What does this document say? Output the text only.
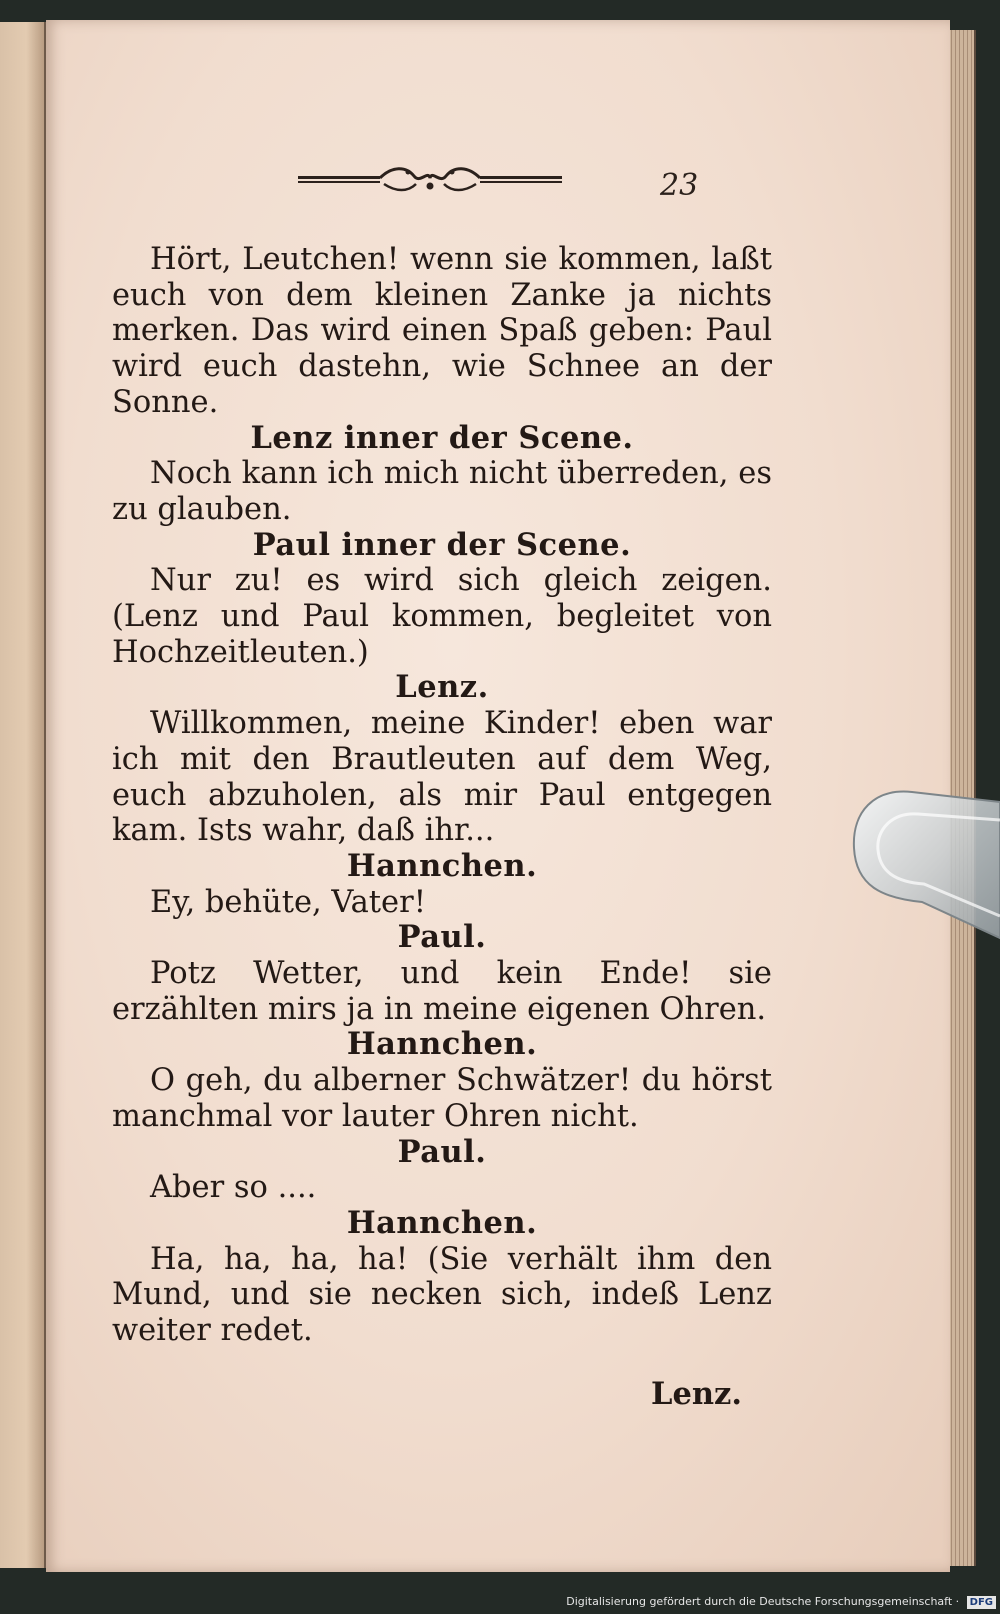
23

Hört, Leutchen! wenn sie kommen, laßt euch von dem kleinen Zanke ja nichts merken. Das wird einen Spaß geben: Paul wird euch dastehn, wie Schnee an der Sonne.

Lenz inner der Scene.

Noch kann ich mich nicht überreden, es zu glauben.

Paul inner der Scene.

Nur zu! es wird sich gleich zeigen. (Lenz und Paul kommen, begleitet von Hochzeitleuten.)

Lenz.

Willkommen, meine Kinder! eben war ich mit den Brautleuten auf dem Weg, euch abzuholen, als mir Paul entgegen kam. Ists wahr, daß ihr...

Hannchen.

Ey, behüte, Vater!

Paul.

Potz Wetter, und kein Ende! sie erzählten mirs ja in meine eigenen Ohren.

Hannchen.

O geh, du alberner Schwätzer! du hörst manchmal vor lauter Ohren nicht.

Paul.

Aber so ....

Hannchen.

Ha, ha, ha, ha! (Sie verhält ihm den Mund, und sie necken sich, indeß Lenz weiter redet.

Lenz.

Digitalisierung gefördert durch die Deutsche Forschungsgemeinschaft · DFG
